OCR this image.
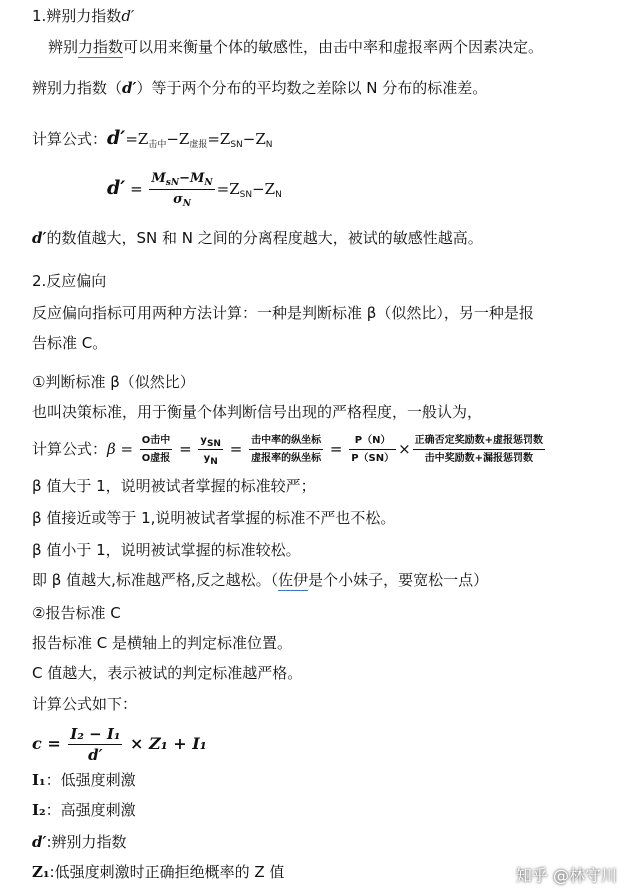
1.辨别力指数d′
辨别力指数可以用来衡量个体的敏感性，由击中率和虚报率两个因素决定。
辨别力指数（d′）等于两个分布的平均数之差除以 N 分布的标准差。
计算公式：$d'=Z_{击中}-Z_{虚报}=Z_{SN}-Z_N$
$d' = \frac{M_{sN}-M_N}{\sigma_N} =Z_{SN}-Z_N$
d′的数值越大，SN 和 N 之间的分离程度越大，被试的敏感性越高。
2.反应偏向
反应偏向指标可用两种方法计算：一种是判断标准 β（似然比），另一种是报
告标准 C。
①判断标准 β（似然比）
也叫决策标准，用于衡量个体判断信号出现的严格程度，一般认为，
计算公式：$\beta = \frac{\text{O击中}}{\text{O虚报}} = \frac{y_{SN}}{y_N} = \frac{\text{击中率的纵坐标}}{\text{虚报率的纵坐标}} = \frac{P(N)}{P(SN)} \times \frac{\text{正确否定奖励数+虚报惩罚数}}{\text{击中奖励数+漏报惩罚数}}$
β 值大于 1，说明被试者掌握的标准较严；
β 值接近或等于 1,说明被试者掌握的标准不严也不松。
β 值小于 1，说明被试掌握的标准较松。
即 β 值越大,标准越严格,反之越松。（佐伊是个小妹子，要宽松一点）
②报告标准 C
报告标准 C 是横轴上的判定标准位置。
C 值越大，表示被试的判定标准越严格。
计算公式如下：
$c = \frac{\text{I₂ − I₁}}{d'} \times Z_1 + I_1$
I₁：低强度刺激
I₂：高强度刺激
d′:辨别力指数
Z₁:低强度刺激时正确拒绝概率的 Z 值	知乎 @林守川
